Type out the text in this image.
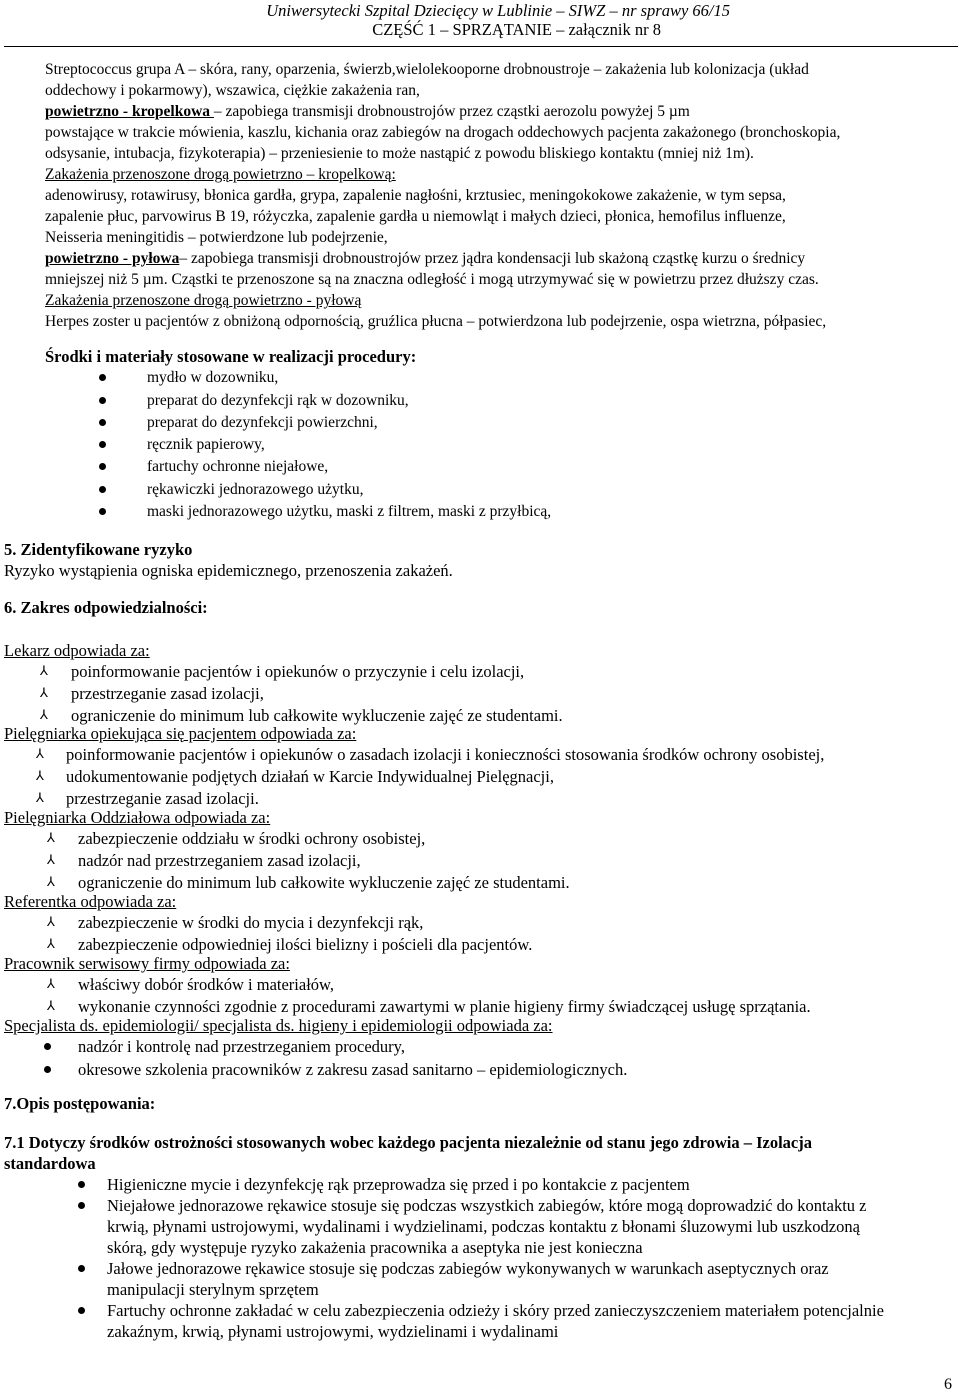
Uniwersytecki Szpital Dziecięcy w Lublinie – SIWZ – nr sprawy 66/15
CZĘŚĆ 1 – SPRZĄTANIE – załącznik nr 8
Streptococcus grupa A – skóra, rany, oparzenia, świerzb,wielolekooporne drobnoustroje – zakażenia lub kolonizacja (układ
oddechowy i pokarmowy), wszawica, ciężkie zakażenia ran,
powietrzno - kropelkowa – zapobiega transmisji drobnoustrojów przez cząstki aerozolu powyżej 5 µm
powstające w trakcie mówienia, kaszlu, kichania oraz zabiegów na drogach oddechowych pacjenta zakażonego (bronchoskopia,
odsysanie, intubacja, fizykoterapia) – przeniesienie to może nastąpić z powodu bliskiego kontaktu (mniej niż 1m).
Zakażenia przenoszone drogą powietrzno – kropelkową:
adenowirusy, rotawirusy, błonica gardła, grypa, zapalenie nagłośni, krztusiec, meningokokowe zakażenie, w tym sepsa,
zapalenie płuc, parvowirus B 19, różyczka, zapalenie gardła u niemowląt i małych dzieci, płonica, hemofilus influenze,
Neisseria meningitidis – potwierdzone lub podejrzenie,
powietrzno - pyłowa– zapobiega transmisji drobnoustrojów przez jądra kondensacji lub skażoną cząstkę kurzu o średnicy
mniejszej niż 5 µm. Cząstki te przenoszone są na znaczna odległość i mogą utrzymywać się w powietrzu przez dłuższy czas.
Zakażenia przenoszone drogą powietrzno - pyłową
Herpes zoster u pacjentów z obniżoną odpornością, gruźlica płucna – potwierdzona lub podejrzenie, ospa wietrzna, półpasiec,
Środki i materiały stosowane w realizacji procedury:
mydło w dozowniku,
preparat do dezynfekcji rąk w dozowniku,
preparat do dezynfekcji powierzchni,
ręcznik papierowy,
fartuchy ochronne niejałowe,
rękawiczki jednorazowego użytku,
maski jednorazowego użytku, maski z filtrem, maski z przyłbicą,
5. Zidentyfikowane ryzyko
Ryzyko wystąpienia ogniska epidemicznego, przenoszenia zakażeń.
6. Zakres odpowiedzialności:
Lekarz odpowiada za:
⅄ poinformowanie pacjentów i opiekunów o przyczynie i celu izolacji,
⅄ przestrzeganie zasad izolacji,
⅄ ograniczenie do minimum lub całkowite wykluczenie zajęć ze studentami.
Pielęgniarka opiekująca się pacjentem odpowiada za:
⅄ poinformowanie pacjentów i opiekunów o zasadach izolacji i konieczności stosowania środków ochrony osobistej,
⅄ udokumentowanie podjętych działań w Karcie Indywidualnej Pielęgnacji,
⅄ przestrzeganie zasad izolacji.
Pielęgniarka Oddziałowa odpowiada za:
⅄ zabezpieczenie oddziału w środki ochrony osobistej,
⅄ nadzór nad przestrzeganiem zasad izolacji,
⅄ ograniczenie do minimum lub całkowite wykluczenie zajęć ze studentami.
Referentka odpowiada za:
⅄ zabezpieczenie w środki do mycia i dezynfekcji rąk,
⅄ zabezpieczenie odpowiedniej ilości bielizny i pościeli dla pacjentów.
Pracownik serwisowy firmy odpowiada za:
⅄ właściwy dobór środków i materiałów,
⅄ wykonanie czynności zgodnie z procedurami zawartymi w planie higieny firmy świadczącej usługę sprzątania.
Specjalista ds. epidemiologii/ specjalista ds. higieny i epidemiologii odpowiada za:
nadzór i kontrolę nad przestrzeganiem procedury,
okresowe szkolenia pracowników z zakresu zasad sanitarno – epidemiologicznych.
7.Opis postępowania:
7.1 Dotyczy środków ostrożności stosowanych wobec każdego pacjenta niezależnie od stanu jego zdrowia – Izolacja
standardowa
Higieniczne mycie i dezynfekcję rąk przeprowadza się przed i po kontakcie z pacjentem
Niejałowe jednorazowe rękawice stosuje się podczas wszystkich zabiegów, które mogą doprowadzić do kontaktu z
krwią, płynami ustrojowymi, wydalinami i wydzielinami, podczas kontaktu z błonami śluzowymi lub uszkodzoną
skórą, gdy występuje ryzyko zakażenia pracownika a aseptyka nie jest konieczna
Jałowe jednorazowe rękawice stosuje się podczas zabiegów wykonywanych w warunkach aseptycznych oraz
manipulacji sterylnym sprzętem
Fartuchy ochronne zakładać w celu zabezpieczenia odzieży i skóry przed zanieczyszczeniem materiałem potencjalnie
zakaźnym, krwią, płynami ustrojowymi, wydzielinami i wydalinami
6
